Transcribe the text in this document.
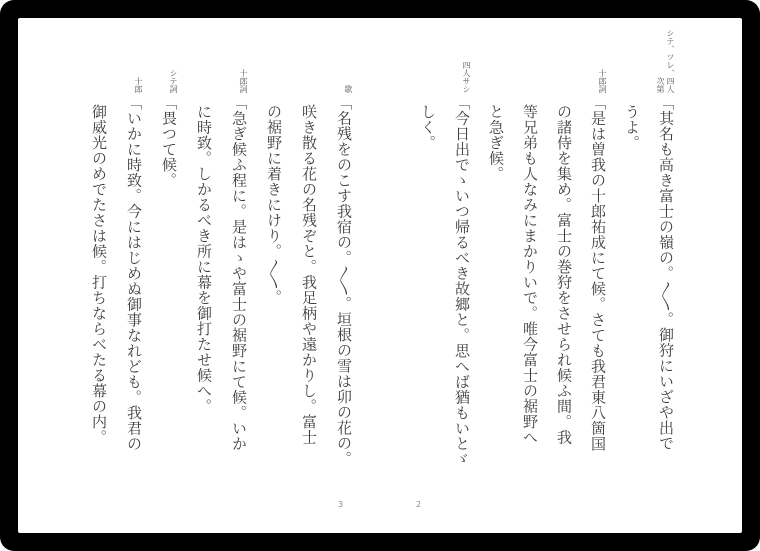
シテ、ツレ、四人次第
「其名も高き富士の嶺の。〱。御狩にいざや出で
うよ。
十郎詞
「是は曽我の十郎祐成にて候。さても我君東八箇国
の諸侍を集め。富士の巻狩をさせられ候ふ間。我
等兄弟も人なみにまかりいで。唯今富士の裾野へ
と急ぎ候。
四人サシ
「今日出でゝいつ帰るべき故郷と。思へば猶もいとゞ
しく。
歌
「名残をのこす我宿の。〱。垣根の雪は卯の花の。
咲き散る花の名残ぞと。我足柄や遠かりし。富士
の裾野に着きにけり。〱。
十郎詞
「急ぎ候ふ程に。是はゝや富士の裾野にて候。いか
に時致。しかるべき所に幕を御打たせ候へ。
シテ詞
「畏つて候。
十郎
「いかに時致。今にはじめぬ御事なれども。我君の
御威光のめでたさは候。打ちならべたる幕の内。
3	2
